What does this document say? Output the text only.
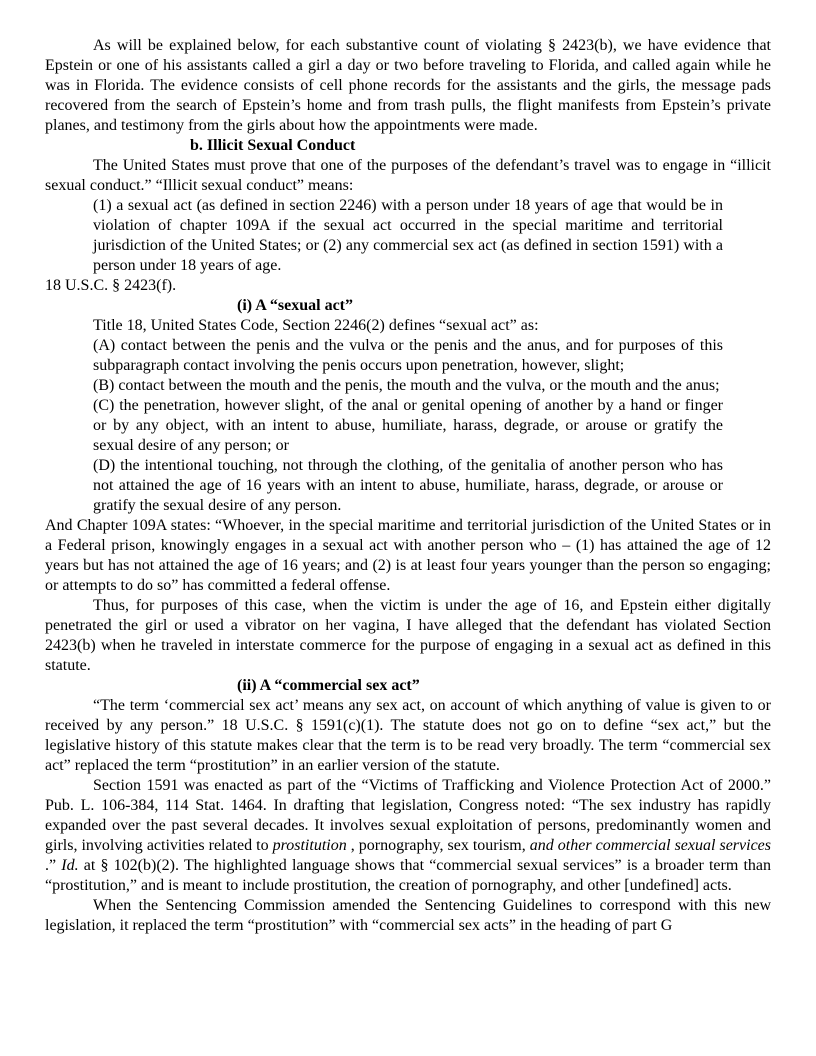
As will be explained below, for each substantive count of violating § 2423(b), we have evidence that Epstein or one of his assistants called a girl a day or two before traveling to Florida, and called again while he was in Florida. The evidence consists of cell phone records for the assistants and the girls, the message pads recovered from the search of Epstein’s home and from trash pulls, the flight manifests from Epstein’s private planes, and testimony from the girls about how the appointments were made.

b. Illicit Sexual Conduct

The United States must prove that one of the purposes of the defendant’s travel was to engage in “illicit sexual conduct.” “Illicit sexual conduct” means:

(1) a sexual act (as defined in section 2246) with a person under 18 years of age that would be in violation of chapter 109A if the sexual act occurred in the special maritime and territorial jurisdiction of the United States; or (2) any commercial sex act (as defined in section 1591) with a person under 18 years of age.

18 U.S.C. § 2423(f).

(i) A “sexual act”

Title 18, United States Code, Section 2246(2) defines “sexual act” as:

(A) contact between the penis and the vulva or the penis and the anus, and for purposes of this subparagraph contact involving the penis occurs upon penetration, however, slight;

(B) contact between the mouth and the penis, the mouth and the vulva, or the mouth and the anus;

(C) the penetration, however slight, of the anal or genital opening of another by a hand or finger or by any object, with an intent to abuse, humiliate, harass, degrade, or arouse or gratify the sexual desire of any person; or

(D) the intentional touching, not through the clothing, of the genitalia of another person who has not attained the age of 16 years with an intent to abuse, humiliate, harass, degrade, or arouse or gratify the sexual desire of any person.

And Chapter 109A states: “Whoever, in the special maritime and territorial jurisdiction of the United States or in a Federal prison, knowingly engages in a sexual act with another person who – (1) has attained the age of 12 years but has not attained the age of 16 years; and (2) is at least four years younger than the person so engaging; or attempts to do so” has committed a federal offense.

Thus, for purposes of this case, when the victim is under the age of 16, and Epstein either digitally penetrated the girl or used a vibrator on her vagina, I have alleged that the defendant has violated Section 2423(b) when he traveled in interstate commerce for the purpose of engaging in a sexual act as defined in this statute.

(ii) A “commercial sex act”

“The term ‘commercial sex act’ means any sex act, on account of which anything of value is given to or received by any person.” 18 U.S.C. § 1591(c)(1). The statute does not go on to define “sex act,” but the legislative history of this statute makes clear that the term is to be read very broadly. The term “commercial sex act” replaced the term “prostitution” in an earlier version of the statute.

Section 1591 was enacted as part of the “Victims of Trafficking and Violence Protection Act of 2000.” Pub. L. 106-384, 114 Stat. 1464. In drafting that legislation, Congress noted: “The sex industry has rapidly expanded over the past several decades. It involves sexual exploitation of persons, predominantly women and girls, involving activities related to prostitution , pornography, sex tourism, and other commercial sexual services .” Id. at § 102(b)(2). The highlighted language shows that “commercial sexual services” is a broader term than “prostitution,” and is meant to include prostitution, the creation of pornography, and other [undefined] acts.

When the Sentencing Commission amended the Sentencing Guidelines to correspond with this new legislation, it replaced the term “prostitution” with “commercial sex acts” in the heading of part G
